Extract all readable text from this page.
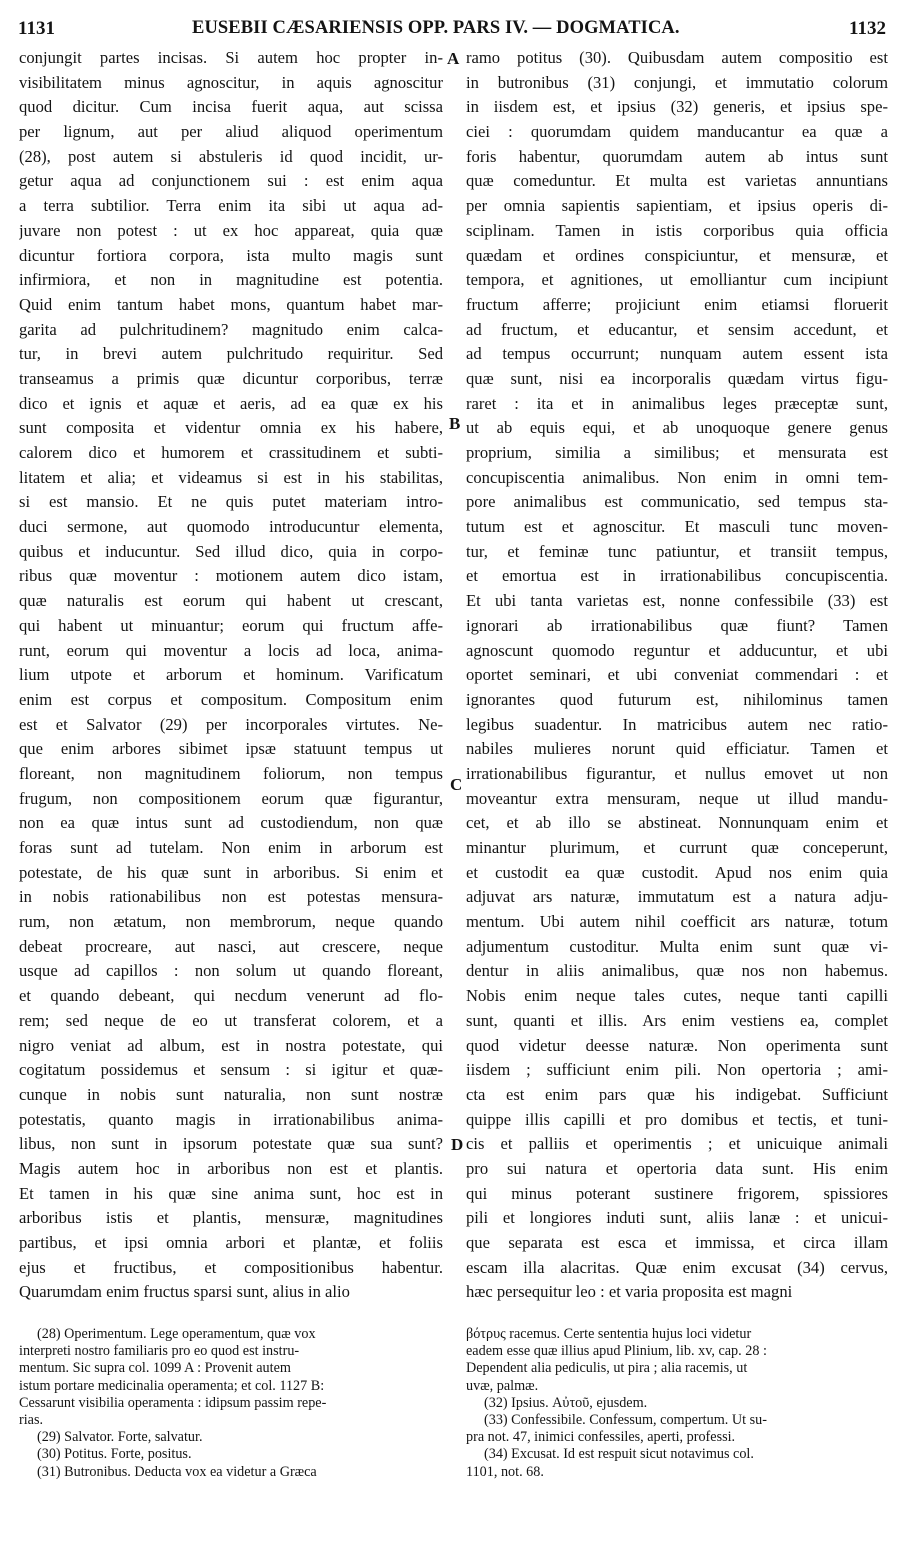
1131	EUSEBII CÆSARIENSIS OPP. PARS IV. — DOGMATICA.	1132
conjungit partes incisas. Si autem hoc propter in-
visibilitatem minus agnoscitur, in aquis agnoscitur
quod dicitur. Cum incisa fuerit aqua, aut scissa
per lignum, aut per aliud aliquod operimentum
(28), post autem si abstuleris id quod incidit, ur-
getur aqua ad conjunctionem sui : est enim aqua
a terra subtilior. Terra enim ita sibi ut aqua ad-
juvare non potest : ut ex hoc appareat, quia quæ
dicuntur fortiora corpora, ista multo magis sunt
infirmiora, et non in magnitudine est potentia.
Quid enim tantum habet mons, quantum habet mar-
garita ad pulchritudinem? magnitudo enim calca-
tur, in brevi autem pulchritudo requiritur. Sed
transeamus a primis quæ dicuntur corporibus, terræ
dico et ignis et aquæ et aeris, ad ea quæ ex his
sunt composita et videntur omnia ex his habere,
calorem dico et humorem et crassitudinem et subti-
litatem et alia; et videamus si est in his stabilitas,
si est mansio. Et ne quis putet materiam intro-
duci sermone, aut quomodo introducuntur elementa,
quibus et inducuntur. Sed illud dico, quia in corpo-
ribus quæ moventur : motionem autem dico istam,
quæ naturalis est eorum qui habent ut crescant,
qui habent ut minuantur; eorum qui fructum affe-
runt, eorum qui moventur a locis ad loca, anima-
lium utpote et arborum et hominum. Varificatum
enim est corpus et compositum. Compositum enim
est et Salvator (29) per incorporales virtutes. Ne-
que enim arbores sibimet ipsæ statuunt tempus ut
floreant, non magnitudinem foliorum, non tempus
frugum, non compositionem eorum quæ figurantur,
non ea quæ intus sunt ad custodiendum, non quæ
foras sunt ad tutelam. Non enim in arborum est
potestate, de his quæ sunt in arboribus. Si enim et
in nobis rationabilibus non est potestas mensura-
rum, non ætatum, non membrorum, neque quando
debeat procreare, aut nasci, aut crescere, neque
usque ad capillos : non solum ut quando floreant,
et quando debeant, qui necdum venerunt ad flo-
rem; sed neque de eo ut transferat colorem, et a
nigro veniat ad album, est in nostra potestate, qui
cogitatum possidemus et sensum : si igitur et quæ-
cunque in nobis sunt naturalia, non sunt nostræ
potestatis, quanto magis in irrationabilibus anima-
libus, non sunt in ipsorum potestate quæ sua sunt?
Magis autem hoc in arboribus non est et plantis.
Et tamen in his quæ sine anima sunt, hoc est in
arboribus istis et plantis, mensuræ, magnitudines
partibus, et ipsi omnia arbori et plantæ, et foliis
ejus et fructibus, et compositionibus habentur.
Quarumdam enim fructus sparsi sunt, alius in alio
ramo potitus (30). Quibusdam autem compositio est
in butronibus (31) conjungi, et immutatio colorum
in iisdem est, et ipsius (32) generis, et ipsius spe-
ciei : quorumdam quidem manducantur ea quæ a
foris habentur, quorumdam autem ab intus sunt
quæ comeduntur. Et multa est varietas annuntians
per omnia sapientis sapientiam, et ipsius operis di-
sciplinam. Tamen in istis corporibus quia officia
quædam et ordines conspiciuntur, et mensuræ, et
tempora, et agnitiones, ut emolliantur cum incipiunt
fructum afferre; projiciunt enim etiamsi floruerit
ad fructum, et educantur, et sensim accedunt, et
ad tempus occurrunt; nunquam autem essent ista
quæ sunt, nisi ea incorporalis quædam virtus figu-
raret : ita et in animalibus leges præceptæ sunt,
ut ab equis equi, et ab unoquoque genere genus
proprium, similia a similibus; et mensurata est
concupiscentia animalibus. Non enim in omni tem-
pore animalibus est communicatio, sed tempus sta-
tutum est et agnoscitur. Et masculi tunc moven-
tur, et feminæ tunc patiuntur, et transiit tempus,
et emortua est in irrationabilibus concupiscentia.
Et ubi tanta varietas est, nonne confessibile (33) est
ignorari ab irrationabilibus quæ fiunt? Tamen
agnoscunt quomodo reguntur et adducuntur, et ubi
oportet seminari, et ubi conveniat commendari : et
ignorantes quod futurum est, nihilominus tamen
legibus suadentur. In matricibus autem nec ratio-
nabiles mulieres norunt quid efficiatur. Tamen et
irrationabilibus figurantur, et nullus emovet ut non
moveantur extra mensuram, neque ut illud mandu-
cet, et ab illo se abstineat. Nonnunquam enim et
minantur plurimum, et currunt quæ conceperunt,
et custodit ea quæ custodit. Apud nos enim quia
adjuvat ars naturæ, immutatum est a natura adju-
mentum. Ubi autem nihil coefficit ars naturæ, totum
adjumentum custoditur. Multa enim sunt quæ vi-
dentur in aliis animalibus, quæ nos non habemus.
Nobis enim neque tales cutes, neque tanti capilli
sunt, quanti et illis. Ars enim vestiens ea, complet
quod videtur deesse naturæ. Non operimenta sunt
iisdem ; sufficiunt enim pili. Non opertoria ; ami-
cta est enim pars quæ his indigebat. Sufficiunt
quippe illis capilli et pro domibus et tectis, et tuni-
cis et palliis et operimentis ; et unicuique animali
pro sui natura et opertoria data sunt. His enim
qui minus poterant sustinere frigorem, spissiores
pili et longiores induti sunt, aliis lanæ : et unicui-
que separata est esca et immissa, et circa illam
escam illa alacritas. Quæ enim excusat (34) cervus,
hæc persequitur leo : et varia proposita est magni
A
B
C
D
(28) Operimentum. Lege operamentum, quæ vox
interpreti nostro familiaris pro eo quod est instru-
mentum. Sic supra col. 1099 A : Provenit autem
istum portare medicinalia operamenta; et col. 1127 B:
Cessarunt visibilia operamenta : idipsum passim repe-
rias.
(29) Salvator. Forte, salvatur.
(30) Potitus. Forte, positus.
(31) Butronibus. Deducta vox ea videtur a Græca
βότρυς racemus. Certe sententia hujus loci videtur
eadem esse quæ illius apud Plinium, lib. xv, cap. 28 :
Dependent alia pediculis, ut pira ; alia racemis, ut
uvæ, palmæ.
(32) Ipsius. Αὐτοῦ, ejusdem.
(33) Confessibile. Confessum, compertum. Ut su-
pra not. 47, inimici confessiles, aperti, professi.
(34) Excusat. Id est respuit sicut notavimus col.
1101, not. 68.
